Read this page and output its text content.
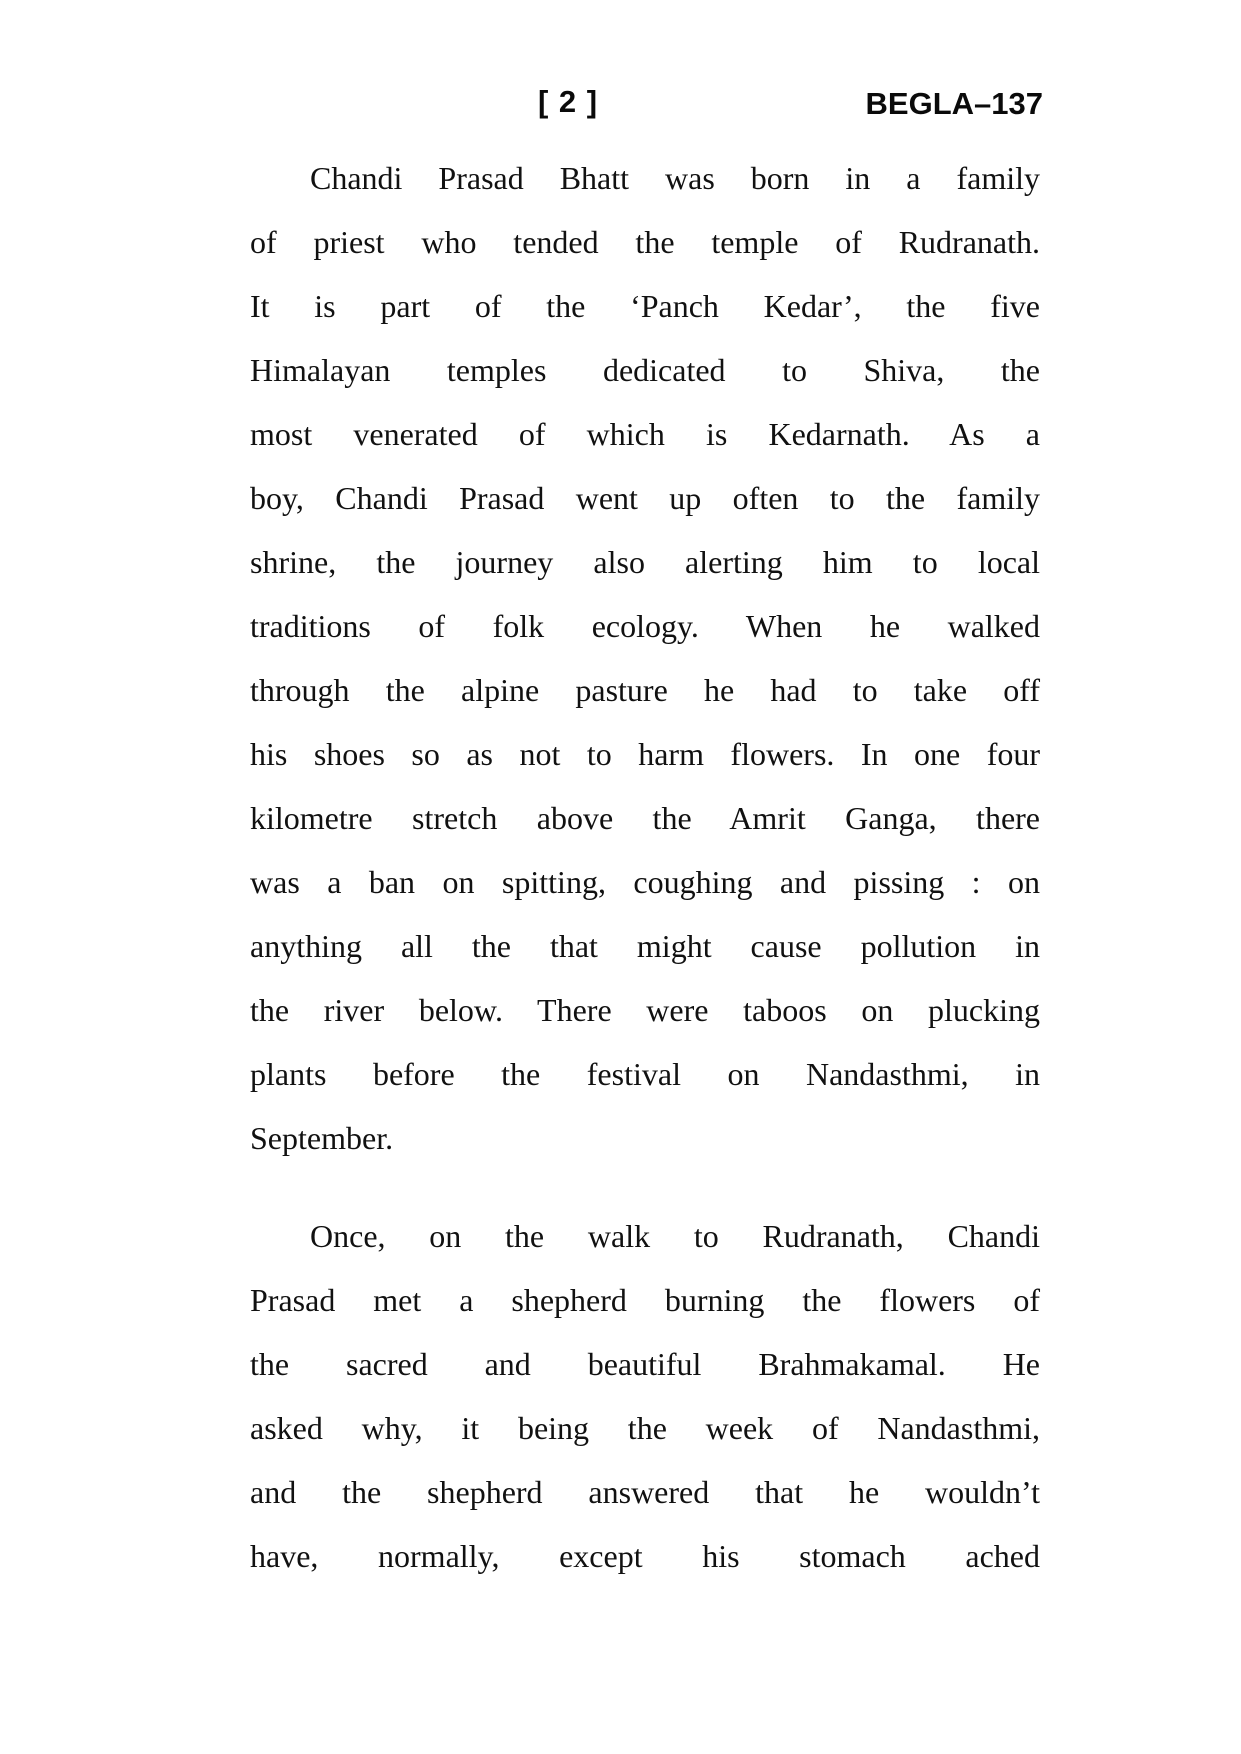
[ 2 ]	BEGLA–137
Chandi Prasad Bhatt was born in a family
of priest who tended the temple of Rudranath.
It is part of the ‘Panch Kedar’, the five
Himalayan temples dedicated to Shiva, the
most venerated of which is Kedarnath. As a
boy, Chandi Prasad went up often to the family
shrine, the journey also alerting him to local
traditions of folk ecology. When he walked
through the alpine pasture he had to take off
his shoes so as not to harm flowers. In one four
kilometre stretch above the Amrit Ganga, there
was a ban on spitting, coughing and pissing : on
anything all the that might cause pollution in
the river below. There were taboos on plucking
plants before the festival on Nandasthmi, in
September.
Once, on the walk to Rudranath, Chandi
Prasad met a shepherd burning the flowers of
the sacred and beautiful Brahmakamal. He
asked why, it being the week of Nandasthmi,
and the shepherd answered that he wouldn’t
have, normally, except his stomach ached
